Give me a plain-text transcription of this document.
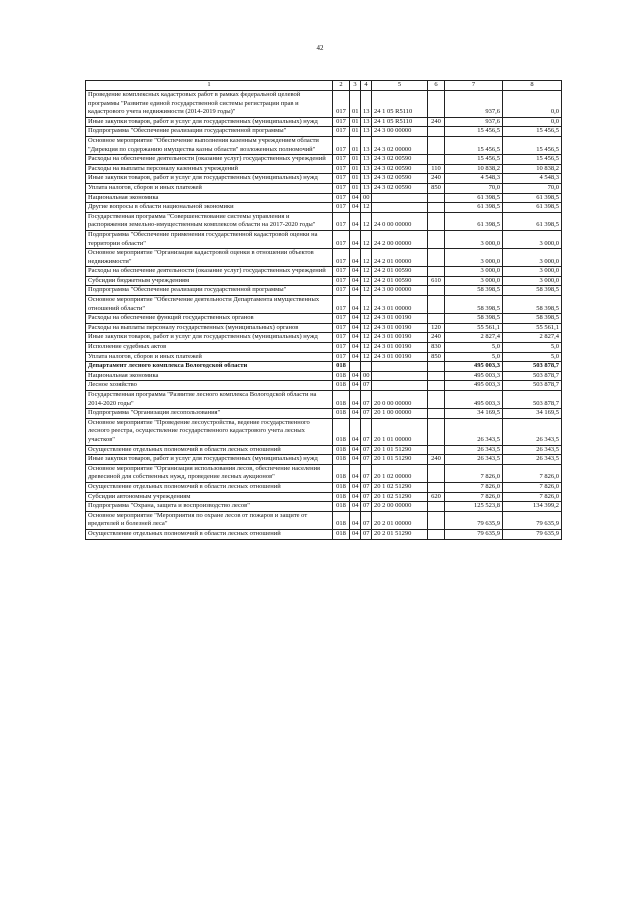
42
1	2	3	4	5	6	7	8
Проведение комплексных кадастровых работ в рамках федеральной целевой программы "Развитие единой государственной системы регистрации прав и кадастрового учета недвижимости (2014-2019 годы)"	017	01	13	24 1 05 R5110		937,6	0,0
Иные закупки товаров, работ и услуг для государственных (муниципальных) нужд	017	01	13	24 1 05 R5110	240	937,6	0,0
Подпрограмма "Обеспечение реализации государственной программы"	017	01	13	24 3 00 00000		15 456,5	15 456,5
Основное мероприятие "Обеспечение выполнения казенным учреждением области "Дирекция по содержанию имущества казны области" возложенных полномочий"	017	01	13	24 3 02 00000		15 456,5	15 456,5
Расходы на обеспечение деятельности (оказание услуг) государственных учреждений	017	01	13	24 3 02 00590		15 456,5	15 456,5
Расходы на выплаты персоналу казенных учреждений	017	01	13	24 3 02 00590	110	10 838,2	10 838,2
Иные закупки товаров, работ и услуг для государственных (муниципальных) нужд	017	01	13	24 3 02 00590	240	4 548,3	4 548,3
Уплата налогов, сборов и иных платежей	017	01	13	24 3 02 00590	850	70,0	70,0
Национальная экономика	017	04	00			61 398,5	61 398,5
Другие вопросы в области национальной экономики	017	04	12			61 398,5	61 398,5
Государственная программа "Совершенствование системы управления и распоряжения земельно-имущественным комплексом области на 2017-2020 годы"	017	04	12	24 0 00 00000		61 398,5	61 398,5
Подпрограмма "Обеспечение применения государственной кадастровой оценки на территории области"	017	04	12	24 2 00 00000		3 000,0	3 000,0
Основное мероприятие "Организация кадастровой оценки в отношении объектов недвижимости"	017	04	12	24 2 01 00000		3 000,0	3 000,0
Расходы на обеспечение деятельности (оказание услуг) государственных учреждений	017	04	12	24 2 01 00590		3 000,0	3 000,0
Субсидии бюджетным учреждениям	017	04	12	24 2 01 00590	610	3 000,0	3 000,0
Подпрограмма "Обеспечение реализации государственной программы"	017	04	12	24 3 00 00000		58 398,5	58 398,5
Основное мероприятие "Обеспечение деятельности Департамента имущественных отношений области"	017	04	12	24 3 01 00000		58 398,5	58 398,5
Расходы на обеспечение функций государственных органов	017	04	12	24 3 01 00190		58 398,5	58 398,5
Расходы на выплаты персоналу государственных (муниципальных) органов	017	04	12	24 3 01 00190	120	55 561,1	55 561,1
Иные закупки товаров, работ и услуг для государственных (муниципальных) нужд	017	04	12	24 3 01 00190	240	2 827,4	2 827,4
Исполнение судебных актов	017	04	12	24 3 01 00190	830	5,0	5,0
Уплата налогов, сборов и иных платежей	017	04	12	24 3 01 00190	850	5,0	5,0
Департамент лесного комплекса Вологодской области	018					495 003,3	503 878,7
Национальная экономика	018	04	00			495 003,3	503 878,7
Лесное хозяйство	018	04	07			495 003,3	503 878,7
Государственная программа "Развитие лесного комплекса Вологодской области на 2014-2020 годы"	018	04	07	20 0 00 00000		495 003,3	503 878,7
Подпрограмма "Организация лесопользования"	018	04	07	20 1 00 00000		34 169,5	34 169,5
Основное мероприятие "Проведение лесоустройства, ведение государственного лесного реестра, осуществление государственного кадастрового учета лесных участков"	018	04	07	20 1 01 00000		26 343,5	26 343,5
Осуществление отдельных полномочий в области лесных отношений	018	04	07	20 1 01 51290		26 343,5	26 343,5
Иные закупки товаров, работ и услуг для государственных (муниципальных) нужд	018	04	07	20 1 01 51290	240	26 343,5	26 343,5
Основное мероприятие "Организация использования лесов, обеспечение населения древесиной для собственных нужд, проведение лесных аукционов"	018	04	07	20 1 02 00000		7 826,0	7 826,0
Осуществление отдельных полномочий в области лесных отношений	018	04	07	20 1 02 51290		7 826,0	7 826,0
Субсидии автономным учреждениям	018	04	07	20 1 02 51290	620	7 826,0	7 826,0
Подпрограмма "Охрана, защита и воспроизводство лесов"	018	04	07	20 2 00 00000		125 523,8	134 399,2
Основное мероприятие "Мероприятия по охране лесов от пожаров и защите от вредителей и болезней леса"	018	04	07	20 2 01 00000		79 635,9	79 635,9
Осуществление отдельных полномочий в области лесных отношений	018	04	07	20 2 01 51290		79 635,9	79 635,9
